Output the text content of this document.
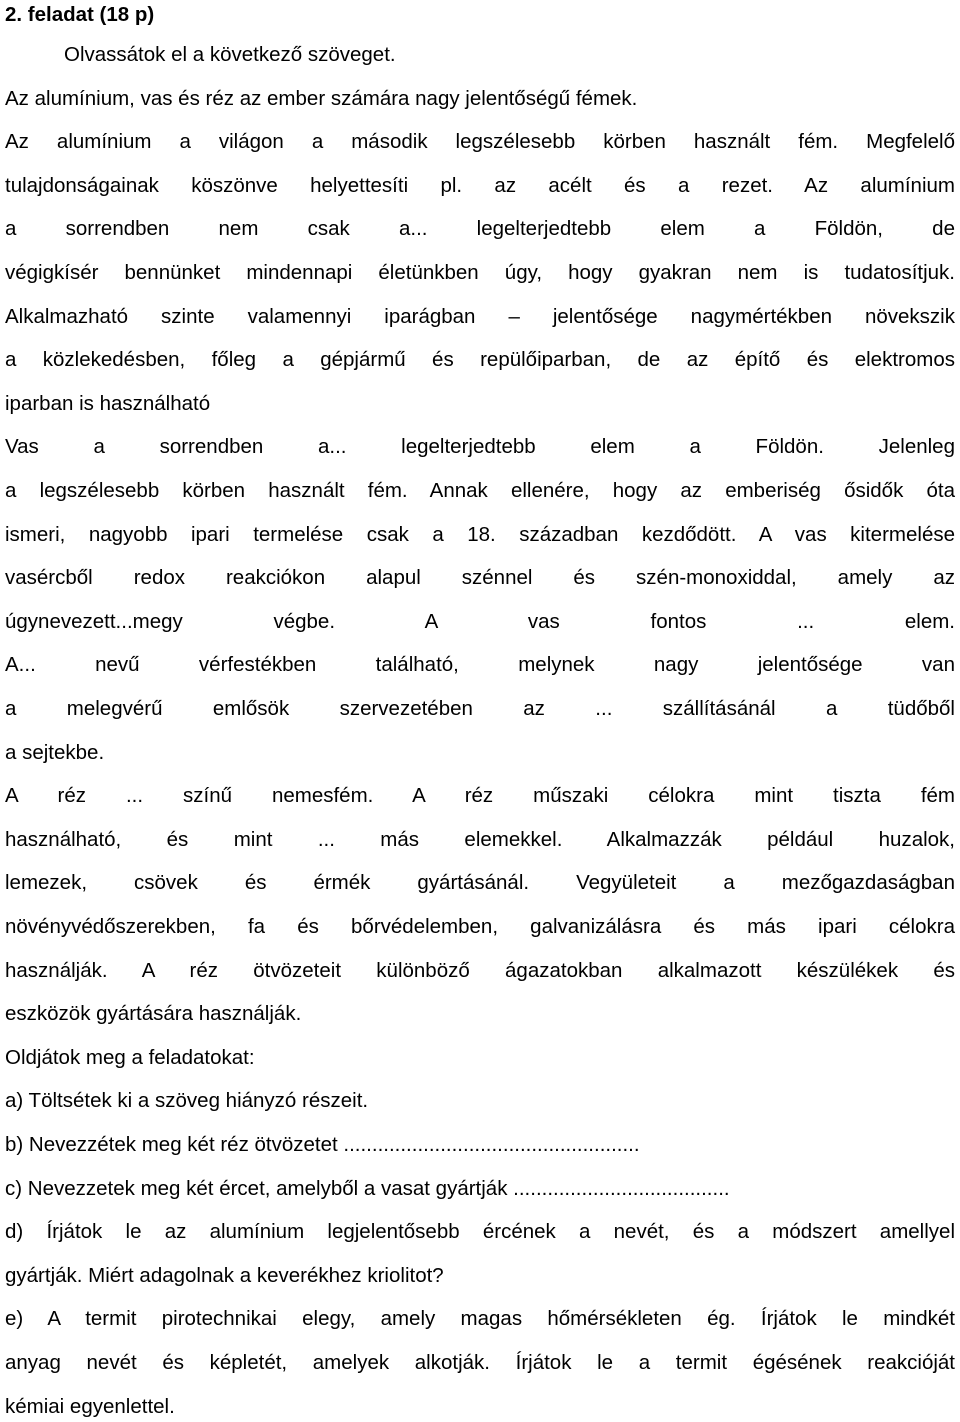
2. feladat (18 p)
Olvassátok el a következő szöveget.
Az alumínium, vas és réz az ember számára nagy jelentőségű fémek.
Az alumínium a világon a második legszélesebb körben használt fém. Megfelelő
tulajdonságainak köszönve helyettesíti pl. az acélt és a rezet. Az alumínium
a sorrendben nem csak a... legelterjedtebb elem a Földön, de
végigkísér bennünket mindennapi életünkben úgy, hogy gyakran nem is tudatosítjuk.
Alkalmazható szinte valamennyi iparágban – jelentősége nagymértékben növekszik
a közlekedésben, főleg a gépjármű és repülőiparban, de az építő és elektromos
iparban is használható
Vas a sorrendben a... legelterjedtebb elem a Földön. Jelenleg
a legszélesebb körben használt fém. Annak ellenére, hogy az emberiség ősidők óta
ismeri, nagyobb ipari termelése csak a 18. században kezdődött. A vas kitermelése
vasércből redox reakciókon alapul szénnel és szén-monoxiddal, amely az
úgynevezett...megy végbe. A vas fontos ... elem.
A... nevű vérfestékben található, melynek nagy jelentősége van
a melegvérű emlősök szervezetében az ... szállításánál a tüdőből
a sejtekbe.
A réz ... színű nemesfém. A réz műszaki célokra mint tiszta fém
használható, és mint ... más elemekkel. Alkalmazzák például huzalok,
lemezek, csövek és érmék gyártásánál. Vegyületeit a mezőgazdaságban
növényvédőszerekben, fa és bőrvédelemben, galvanizálásra és más ipari célokra
használják. A réz ötvözeteit különböző ágazatokban alkalmazott készülékek és
eszközök gyártására használják.
Oldjátok meg a feladatokat:
a) Töltsétek ki a szöveg hiányzó részeit.
b) Nevezzétek meg két réz ötvözetet ....................................................
c) Nevezzetek meg két ércet, amelyből a vasat gyártják ......................................
d) Írjátok le az alumínium legjelentősebb ércének a nevét, és a módszert amellyel
gyártják. Miért adagolnak a keverékhez kriolitot?
e) A termit pirotechnikai elegy, amely magas hőmérsékleten ég. Írjátok le mindkét
anyag nevét és képletét, amelyek alkotják. Írjátok le a termit égésének reakcióját
kémiai egyenlettel.
